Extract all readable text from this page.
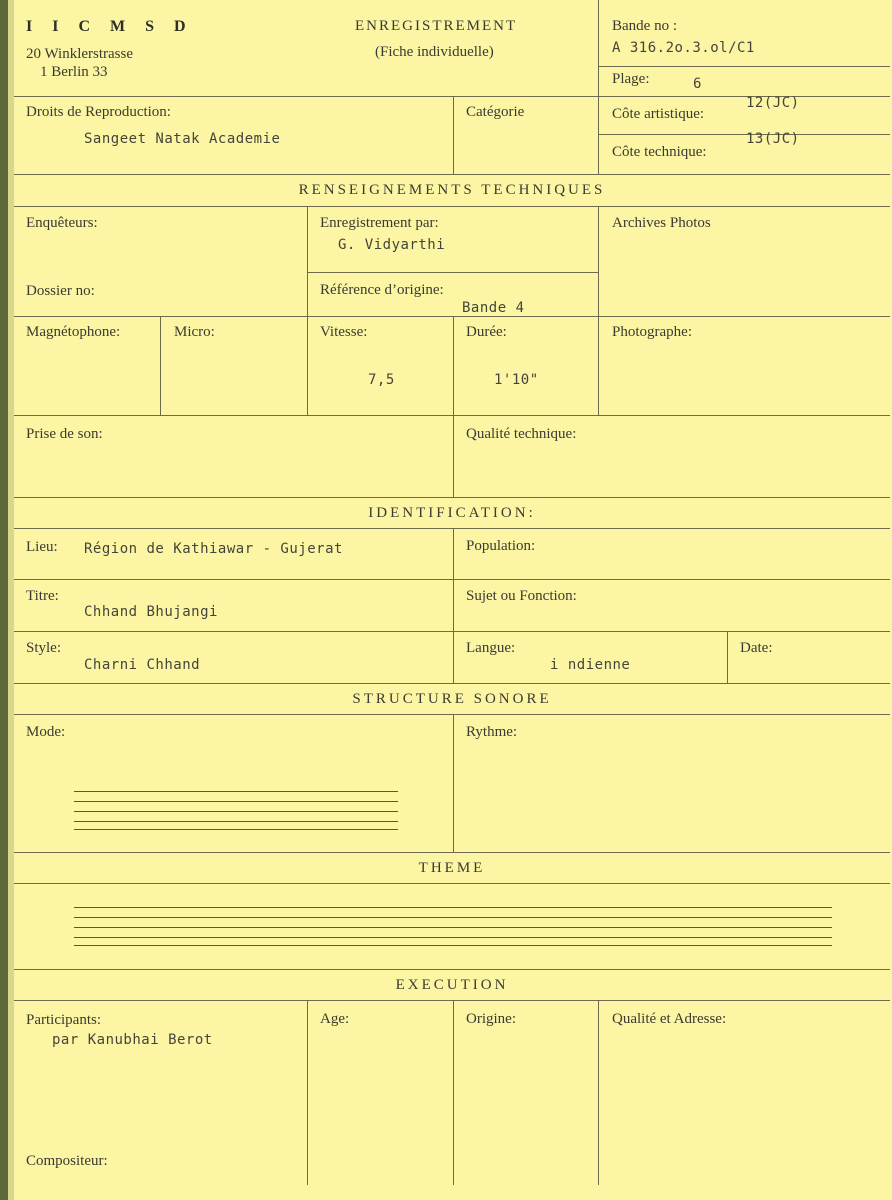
I I C M S D
20 Winklerstrasse
1 Berlin 33
ENREGISTREMENT
(Fiche individuelle)
Bande no :
A 316.2o.3.ol/C1
Plage:	6
Droits de Reproduction:
Sangeet Natak Academie
Catégorie	Côte artistique:
12(JC)
Côte technique:
13(JC)
RENSEIGNEMENTS TECHNIQUES
Enquêteurs:	Enregistrement par:
G. Vidyarthi
Archives Photos
Dossier no:	Référence d’origine:
Bande 4
Magnétophone:	Micro:	Vitesse:
7,5
Durée:
1'10"
Photographe:
Prise de son:	Qualité technique:
IDENTIFICATION:
Lieu: Région de Kathiawar - Gujerat	Population:
Titre:
Chhand Bhujangi
Sujet ou Fonction:
Style:
Charni Chhand
Langue:
i ndienne
Date:
STRUCTURE SONORE
Mode:	Rythme:
THEME
EXECUTION
Participants:
par Kanubhai Berot
Age:	Origine:	Qualité et Adresse:
Compositeur:
